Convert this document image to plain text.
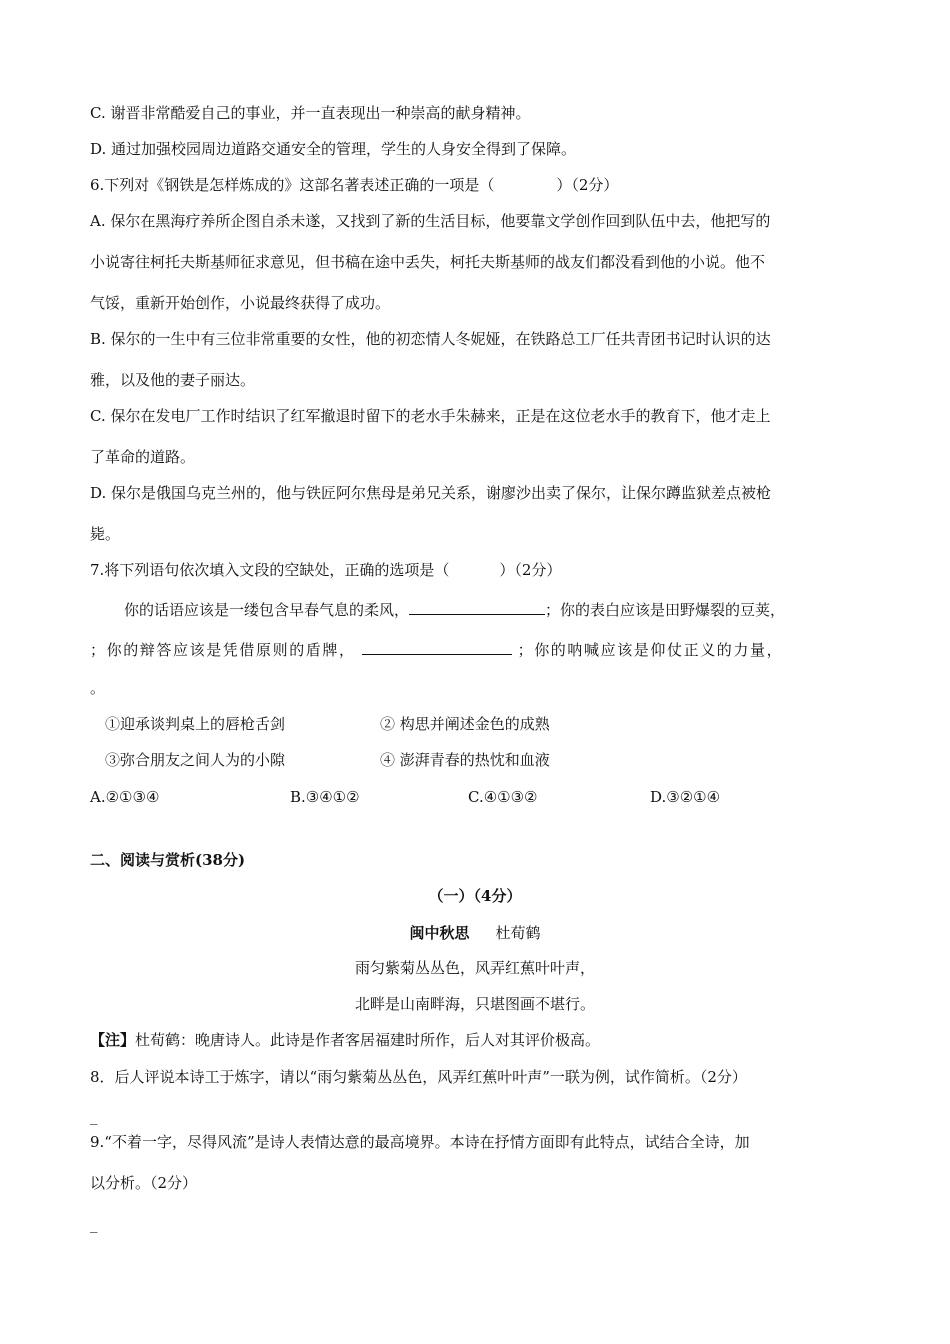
C. 谢晋非常酷爱自己的事业，并一直表现出一种崇高的献身精神。
D. 通过加强校园周边道路交通安全的管理，学生的人身安全得到了保障。
6.下列对《钢铁是怎样炼成的》这部名著表述正确的一项是（	）（2分）
A. 保尔在黑海疗养所企图自杀未遂，又找到了新的生活目标，他要靠文学创作回到队伍中去，他把写的
小说寄往柯托夫斯基师征求意见，但书稿在途中丢失，柯托夫斯基师的战友们都没看到他的小说。他不
气馁，重新开始创作，小说最终获得了成功。
B. 保尔的一生中有三位非常重要的女性，他的初恋情人冬妮娅，在铁路总工厂任共青团书记时认识的达
雅，以及他的妻子丽达。
C. 保尔在发电厂工作时结识了红军撤退时留下的老水手朱赫来，正是在这位老水手的教育下，他才走上
了革命的道路。
D. 保尔是俄国乌克兰州的，他与铁匠阿尔焦母是弟兄关系，谢廖沙出卖了保尔，让保尔蹲监狱差点被枪
毙。
7.将下列语句依次填入文段的空缺处，正确的选项是（	）（2分）
你的话语应该是一缕包含早春气息的柔风，	；你的表白应该是田野爆裂的豆荚，
；你的辩答应该是凭借原则的盾牌，	；你的呐喊应该是仰仗正义的力量，
。
①迎承谈判桌上的唇枪舌剑	② 构思并阐述金色的成熟
③弥合朋友之间人为的小隙	④ 澎湃青春的热忱和血液
A.②①③④	B.③④①②	C.④①③②	D.③②①④
二、阅读与赏析(38分)
（一）（4分）
闽中秋思 杜荀鹤
雨匀紫菊丛丛色，风弄红蕉叶叶声，
北畔是山南畔海，只堪图画不堪行。
【注】杜荀鹤：晚唐诗人。此诗是作者客居福建时所作，后人对其评价极高。
8．后人评说本诗工于炼字，请以“雨匀紫菊丛丛色，风弄红蕉叶叶声”一联为例，试作简析。（2分）
_
9.“不着一字，尽得风流”是诗人表情达意的最高境界。本诗在抒情方面即有此特点，试结合全诗，加
以分析。（2分）
_
